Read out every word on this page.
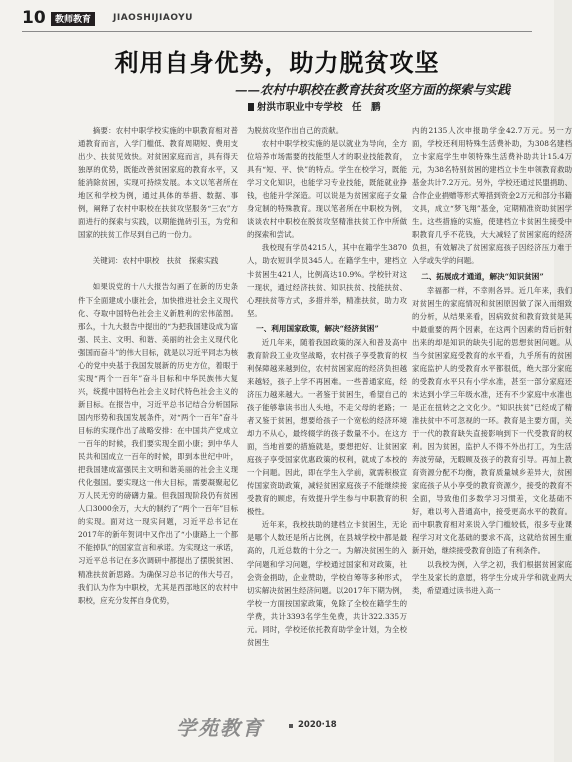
10	教师教育	JIAOSHIJIAOYU
利用自身优势，助力脱贫攻坚
——农村中职校在教育扶贫攻坚方面的探索与实践
射洪市职业中专学校　任　鹏

摘要：农村中职学校实施的中职教育相对普通教育而言，入学门槛低、教育周期短、费用支出少、扶贫见效快。对贫困家庭而言，具有得天独厚的优势，既能改善贫困家庭的教育水平，又能消除贫困，实现可持续发展。本文以笔者所在地区和学校为例，通过具体的举措、数据、事例，阐释了农村中职校在扶贫攻坚服务“三农”方面进行的探索与实践，以期能抛砖引玉，为党和国家的扶贫工作尽到自己的一份力。

关键词：农村中职校　扶贫　探索实践

如果说党的十八大报告勾画了在新的历史条件下全面建成小康社会，加快推进社会主义现代化、夺取中国特色社会主义新胜利的宏伟蓝图。那么，十九大报告中提出的“为把我国建设成为富强、民主、文明、和谐、美丽的社会主义现代化强国而奋斗”的伟大目标，就是以习近平同志为核心的党中央基于我国发展新的历史方位，着眼于实现“两个一百年”奋斗目标和中华民族伟大复兴，统揽中国特色社会主义时代特色社会主义的新目标。在报告中，习近平总书记结合分析国际国内形势和我国发展条件，对“两个一百年”奋斗目标的实现作出了战略安排：在中国共产党成立一百年的时候，我们要实现全面小康；到中华人民共和国成立一百年的时候，即到本世纪中叶，把我国建成富强民主文明和谐美丽的社会主义现代化强国。要实现这一伟大目标，需要凝聚起亿万人民无穷的磅礴力量。但我国现阶段仍有贫困人口3000余万，大大的制约了“两个一百年”目标的实现。面对这一现实问题，习近平总书记在2017年的新年贺词中又作出了“小康路上一个都不能掉队”的国家宣言和承诺。为实现这一承诺，习近平总书记在多次调研中都提出了摆脱贫困、精准扶贫新思路。为确保习总书记的伟大号召，我们认为作为中职校，尤其是西部地区的农村中职校，应充分发挥自身优势，

为脱贫攻坚作出自己的贡献。

农村中职学校实施的是以就业为导向，全方位培养市场需要的技能型人才的职业技能教育，具有“短、平、快”的特点。学生在校学习，既能学习文化知识，也能学习专业技能，既能就业挣钱，也能升学深造。可以说是为贫困家庭子女量身定制的特殊教育。现以笔者所在中职校为例，谈谈农村中职校在脱贫攻坚精准扶贫工作中所做的探索和尝试。

我校现有学员4215人，其中在籍学生3870人，助农短训学员345人。在籍学生中，建档立卡贫困生421人，比例高达10.9%。学校针对这一现状，通过经济扶贫、知识扶贫、技能扶贫、心理扶贫等方式，多措并举，精准扶贫，助力攻坚。

一、利用国家政策，解决“经济贫困”

近几年来，随着我国政策的深入和普及高中教育阶段工业攻坚战略，农村孩子享受教育的权利保障越来越到位，农村贫困家庭的经济负担越来越轻，孩子上学不再困难。一些普通家庭，经济压力越来越大。一者鉴于贫困生，希望自己的孩子能够靠读书出人头地，不走父母的老路；一者又鉴于贫困，想要给孩子一个宽松的经济环境却力不从心，最终辍学的孩子数量不小。在这方面，当地首要的措施就是，要想把好、让贫困家庭孩子享受国家优惠政策的权利，就成了本校的一个问题。因此，即在学生入学前，就需积极宣传国家资助政策，减轻贫困家庭孩子不能继续接受教育的顾虑，有效提升学生参与中职教育的积极性。

近年来，我校扶助的建档立卡贫困生，无论是哪个人数还是所占比例，在县城学校中都是最高的，几近总数的十分之一。为解决贫困生的入学问题和学习问题，学校通过国家和对政策，社会资金捐助，企业赞助，学校自筹等多种形式，切实解决贫困生经济问题。以2017年下期为例，学校一方面按国家政策，免除了全校在籍学生的学费，共计3393名学生免费，共计322.335万元。同时，学校还依托教育助学金计划，为全校贫困生

内的2135人次申报助学金42.7万元。另一方面，学校还利用特殊生活费补助，为308名建档立卡家庭学生申领特殊生活费补助共计15.4万元，为38名特别贫困的建档立卡生申领教育救助基金共计7.2万元。另外，学校还通过民盟捐助、合作企业捐赠等形式筹措到资金2万元和部分书籍文具，成立“梦飞翔”基金，定期精准资助贫困学生。这些措施的实施，使建档立卡贫困生接受中职教育几乎不花钱，大大减轻了贫困家庭的经济负担，有效解决了贫困家庭孩子因经济压力难于入学或失学的问题。

二、拓展成才通道，解决“知识贫困”

幸福都一样，不幸则各异。近几年来，我们对贫困生的家庭情况和贫困原因做了深入而细致的分析，从结果来看，因病致贫和教育致贫是其中最重要的两个因素，在这两个因素的背后折射出来的却是知识的缺失引起的思想贫困问题。从当今贫困家庭受教育的水平看，九乎所有的贫困家庭监护人的受教育水平都很低，绝大部分家庭的受教育水平只有小学水准，甚至一部分家庭还未达到小学三年级水准，还有不少家庭中水准也是正在扭转之之文化少。“知识扶贫”已经成了精准扶贫中不可忽视的一环。教育是主要方面，关于一代的教育缺失直接影响到下一代受教育的权利。因为贫困，监护人不得不外出打工，为生活奔波劳碌，无暇顾及孩子的教育引导。再加上教育资源分配不均衡，教育质量城乡差异大，贫困家庭孩子从小享受的教育资源少，接受的教育不全面，导致他们多数学习习惯差，文化基础不好，难以考入普通高中，接受更高水平的教育。而中职教育相对来说入学门槛较低，很多专业课程学习对文化基础的要求不高，这就给贫困生重新开始，继续接受教育创造了有利条件。

以我校为例，入学之初，我们根据贫困家庭学生及家长的意愿，将学生分成升学和就业两大类，希望通过读书进入高一

学苑教育	2020·18
